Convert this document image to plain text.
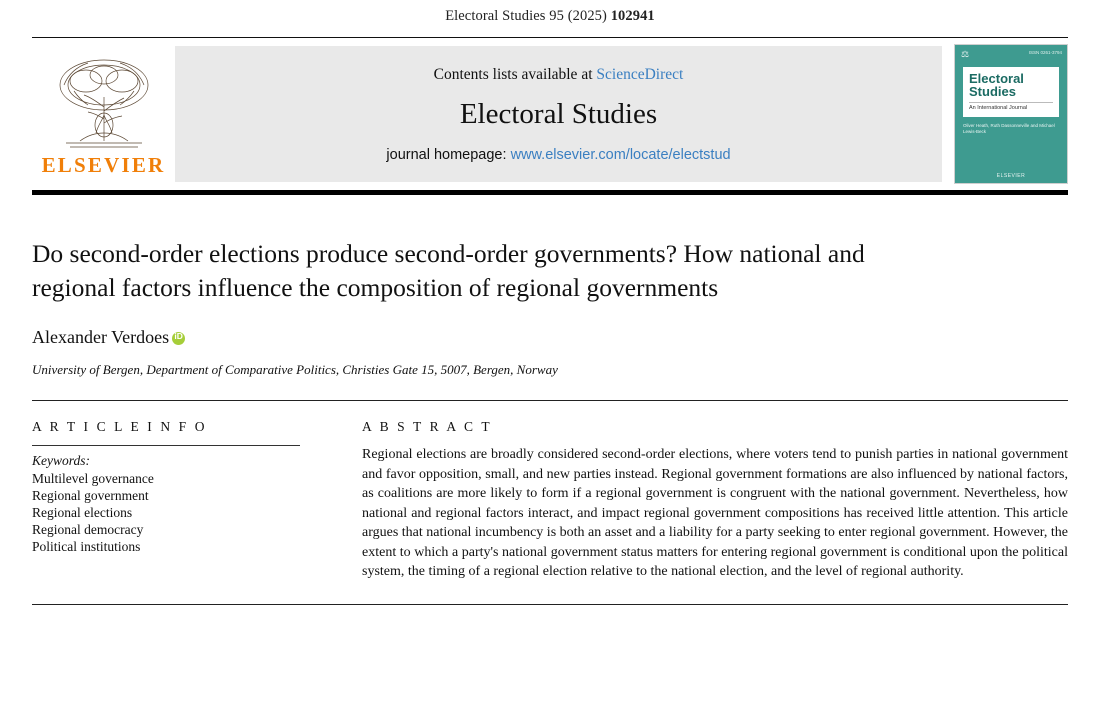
Electoral Studies 95 (2025) 102941
ELSEVIER
Contents lists available at ScienceDirect
Electoral Studies
journal homepage: www.elsevier.com/locate/electstud
⚖	ISSN 0261-3794
Electoral Studies
An International Journal
Oliver Heath, Ruth Dassonneville and Michael Lewis-Beck
ELSEVIER
Do second-order elections produce second-order governments? How national and regional factors influence the composition of regional governments
Alexander Verdoes
iD
University of Bergen, Department of Comparative Politics, Christies Gate 15, 5007, Bergen, Norway
A R T I C L E I N F O
Keywords:
Multilevel governance
Regional government
Regional elections
Regional democracy
Political institutions
A B S T R A C T
Regional elections are broadly considered second-order elections, where voters tend to punish parties in national government and favor opposition, small, and new parties instead. Regional government formations are also influenced by national factors, as coalitions are more likely to form if a regional government is congruent with the national government. Nevertheless, how national and regional factors interact, and impact regional government compositions has received little attention. This article argues that national incumbency is both an asset and a liability for a party seeking to enter regional government. However, the extent to which a party's national government status matters for entering regional government is conditional upon the political system, the timing of a regional election relative to the national election, and the level of regional authority.
